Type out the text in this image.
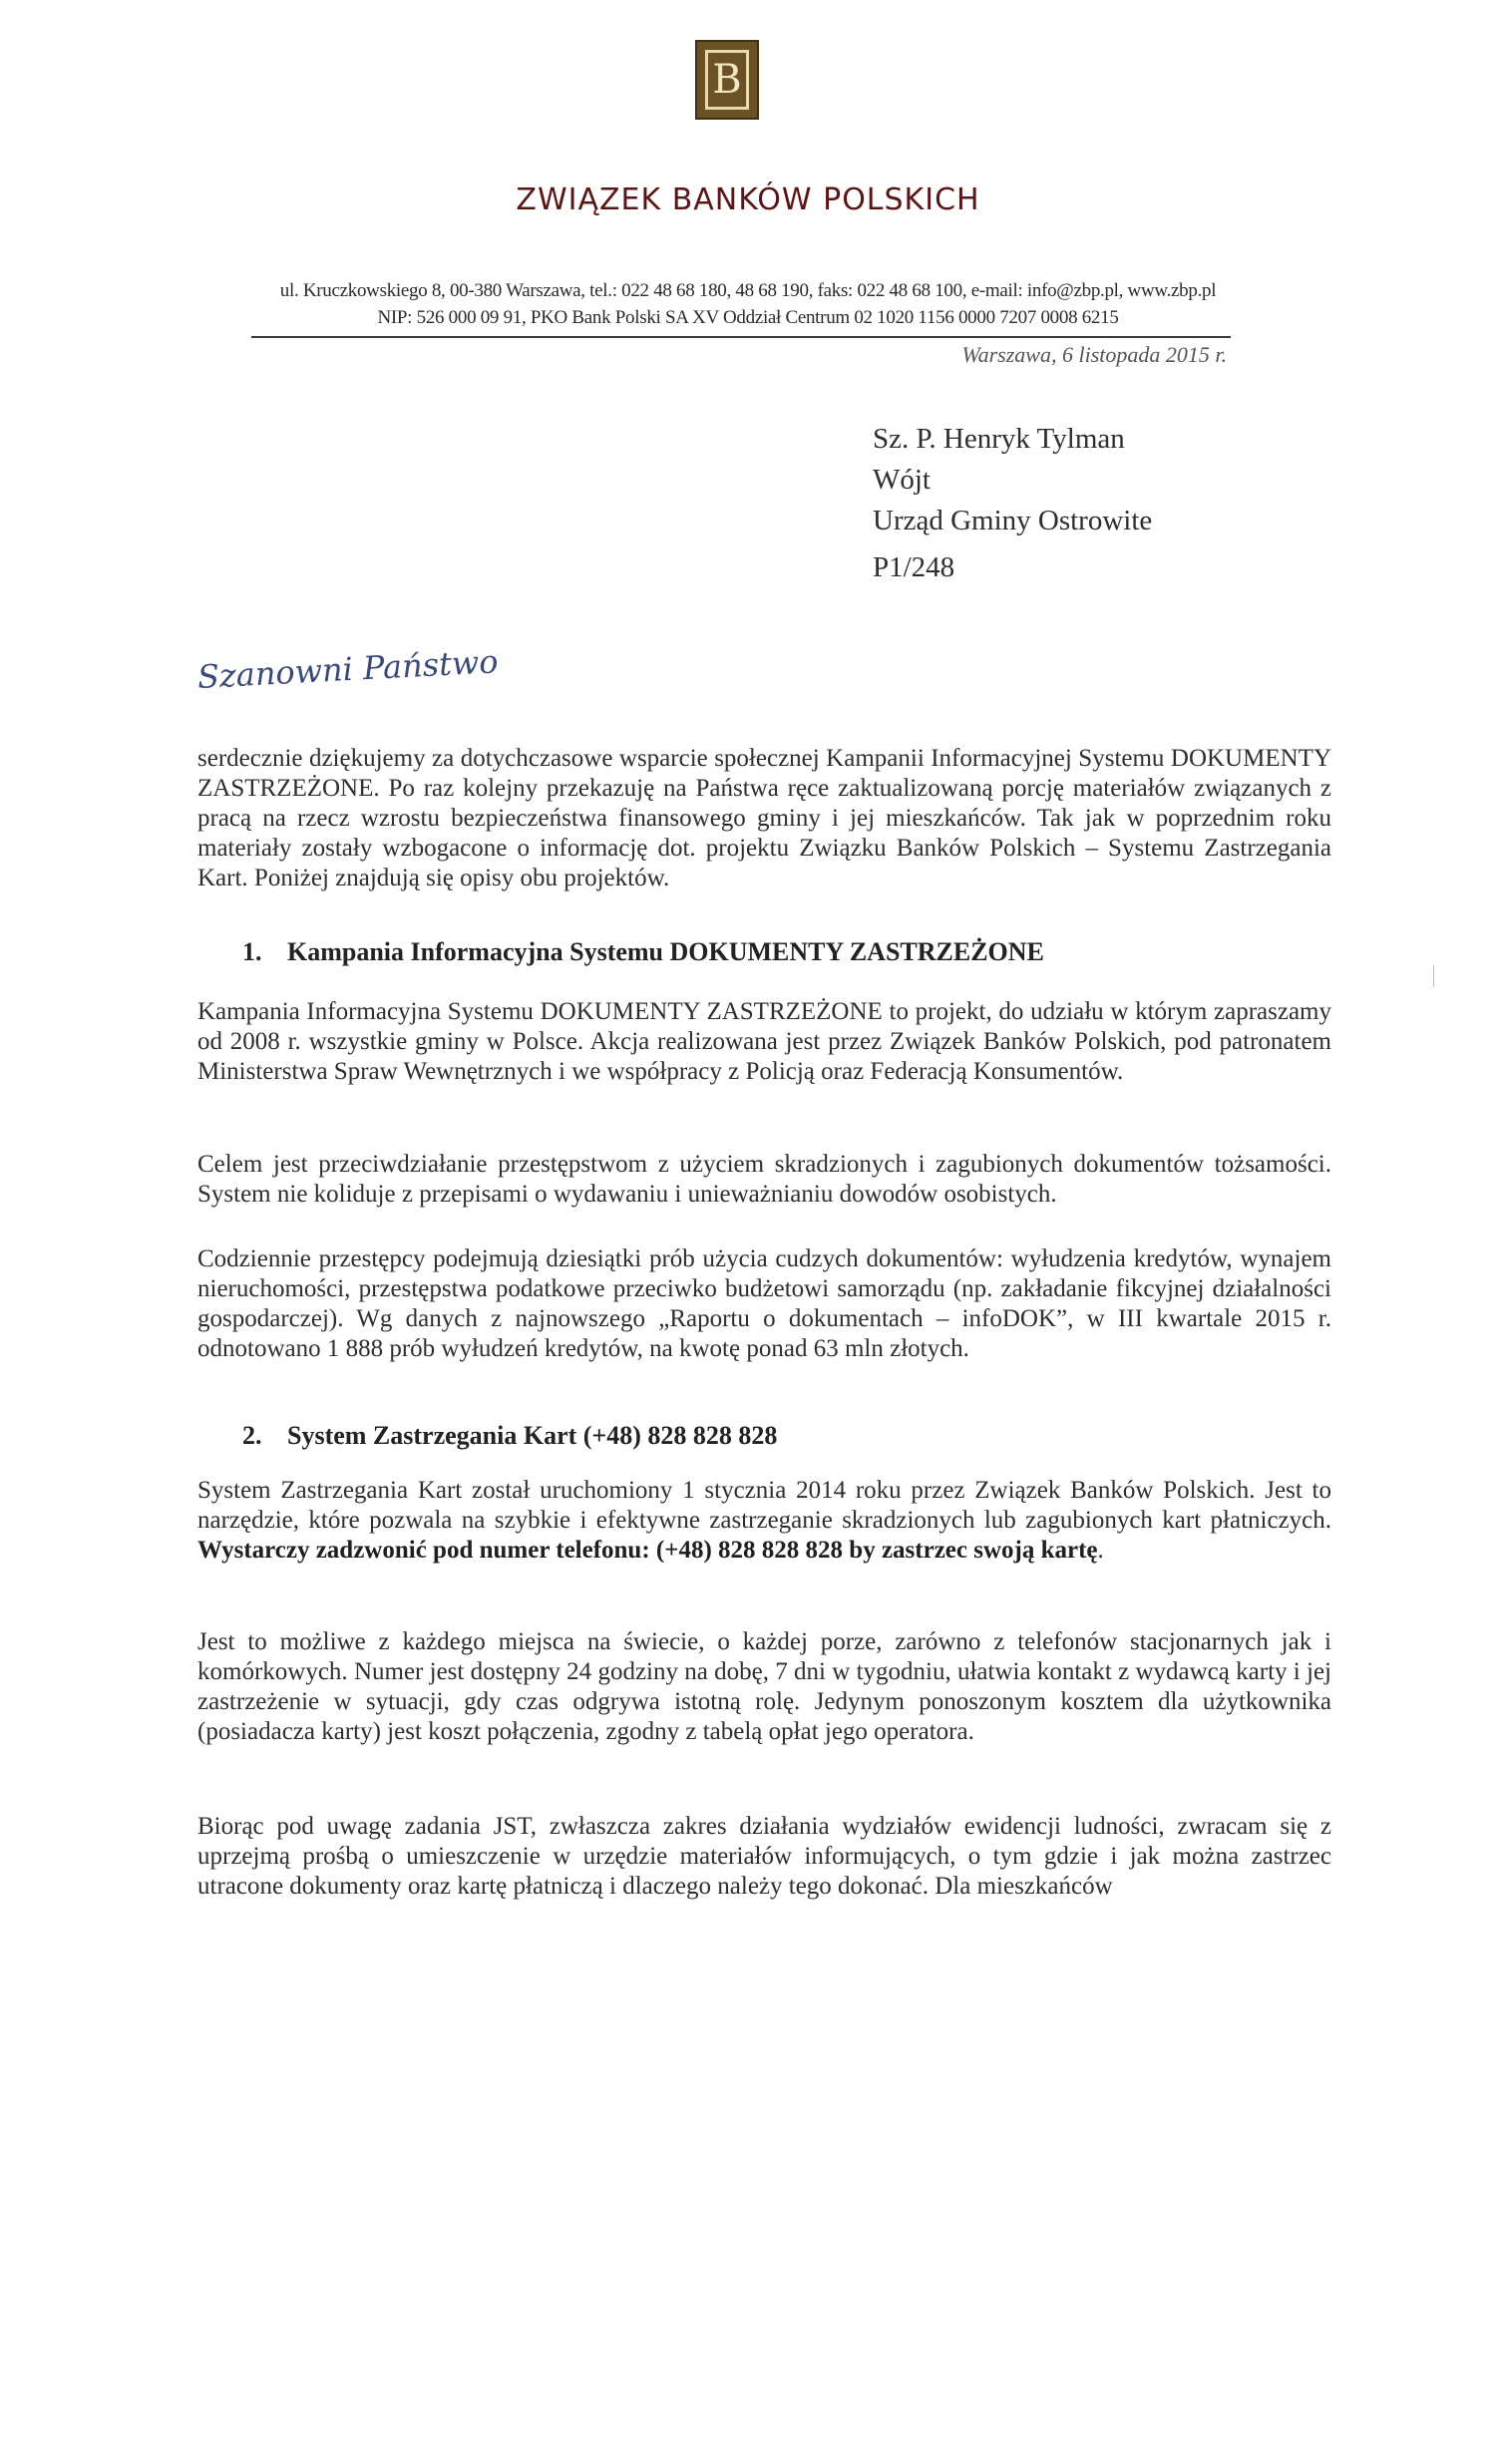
B
ZWIĄZEK BANKÓW POLSKICH
ul. Kruczkowskiego 8, 00-380 Warszawa, tel.: 022 48 68 180, 48 68 190, faks: 022 48 68 100, e-mail: info@zbp.pl, www.zbp.pl
NIP: 526 000 09 91, PKO Bank Polski SA XV Oddział Centrum 02 1020 1156 0000 7207 0008 6215
Warszawa, 6 listopada 2015 r.
Sz. P. Henryk Tylman
Wójt
Urząd Gminy Ostrowite
P1/248
Szanowni Państwo
serdecznie dziękujemy za dotychczasowe wsparcie społecznej Kampanii Informacyjnej Systemu DOKUMENTY ZASTRZEŻONE. Po raz kolejny przekazuję na Państwa ręce zaktualizowaną porcję materiałów związanych z pracą na rzecz wzrostu bezpieczeństwa finansowego gminy i jej mieszkańców. Tak jak w poprzednim roku materiały zostały wzbogacone o informację dot. projektu Związku Banków Polskich – Systemu Zastrzegania Kart. Poniżej znajdują się opisy obu projektów.
1. Kampania Informacyjna Systemu DOKUMENTY ZASTRZEŻONE
Kampania Informacyjna Systemu DOKUMENTY ZASTRZEŻONE to projekt, do udziału w którym zapraszamy od 2008 r. wszystkie gminy w Polsce. Akcja realizowana jest przez Związek Banków Polskich, pod patronatem Ministerstwa Spraw Wewnętrznych i we współpracy z Policją oraz Federacją Konsumentów.
Celem jest przeciwdziałanie przestępstwom z użyciem skradzionych i zagubionych dokumentów tożsamości. System nie koliduje z przepisami o wydawaniu i unieważnianiu dowodów osobistych.
Codziennie przestępcy podejmują dziesiątki prób użycia cudzych dokumentów: wyłudzenia kredytów, wynajem nieruchomości, przestępstwa podatkowe przeciwko budżetowi samorządu (np. zakładanie fikcyjnej działalności gospodarczej). Wg danych z najnowszego „Raportu o dokumentach – infoDOK”, w III kwartale 2015 r. odnotowano 1 888 prób wyłudzeń kredytów, na kwotę ponad 63 mln złotych.
2. System Zastrzegania Kart (+48) 828 828 828
System Zastrzegania Kart został uruchomiony 1 stycznia 2014 roku przez Związek Banków Polskich. Jest to narzędzie, które pozwala na szybkie i efektywne zastrzeganie skradzionych lub zagubionych kart płatniczych. Wystarczy zadzwonić pod numer telefonu: (+48) 828 828 828 by zastrzec swoją kartę.
Jest to możliwe z każdego miejsca na świecie, o każdej porze, zarówno z telefonów stacjonarnych jak i komórkowych. Numer jest dostępny 24 godziny na dobę, 7 dni w tygodniu, ułatwia kontakt z wydawcą karty i jej zastrzeżenie w sytuacji, gdy czas odgrywa istotną rolę. Jedynym ponoszonym kosztem dla użytkownika (posiadacza karty) jest koszt połączenia, zgodny z tabelą opłat jego operatora.
Biorąc pod uwagę zadania JST, zwłaszcza zakres działania wydziałów ewidencji ludności, zwracam się z uprzejmą prośbą o umieszczenie w urzędzie materiałów informujących, o tym gdzie i jak można zastrzec utracone dokumenty oraz kartę płatniczą i dlaczego należy tego dokonać. Dla mieszkańców
